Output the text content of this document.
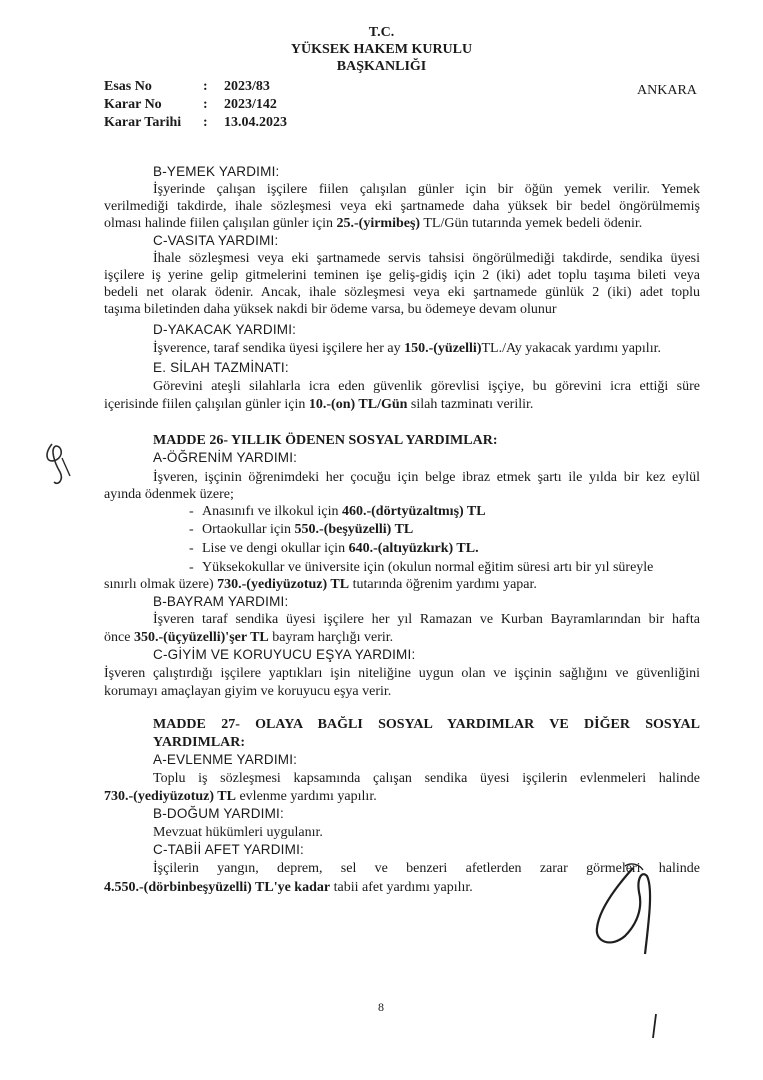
T.C.
YÜKSEK HAKEM KURULU
BAŞKANLIĞI
ANKARA
Esas No	: 2023/83
Karar No	: 2023/142
Karar Tarihi : 13.04.2023
B-YEMEK YARDIMI:
İşyerinde çalışan işçilere fiilen çalışılan günler için bir öğün yemek verilir. Yemek
verilmediği takdirde, ihale sözleşmesi veya eki şartnamede daha yüksek bir bedel öngörülmemiş
olması halinde fiilen çalışılan günler için 25.-(yirmibeş) TL/Gün tutarında yemek bedeli ödenir.
C-VASITA YARDIMI:
İhale sözleşmesi veya eki şartnamede servis tahsisi öngörülmediği takdirde, sendika üyesi
işçilere iş yerine gelip gitmelerini teminen işe geliş-gidiş için 2 (iki) adet toplu taşıma bileti veya
bedeli net olarak ödenir. Ancak, ihale sözleşmesi veya eki şartnamede günlük 2 (iki) adet toplu
taşıma biletinden daha yüksek nakdi bir ödeme varsa, bu ödemeye devam olunur
D-YAKACAK YARDIMI:
İşverence, taraf sendika üyesi işçilere her ay 150.-(yüzelli)TL./Ay yakacak yardımı yapılır.
E. SİLAH TAZMİNATI:
Görevini ateşli silahlarla icra eden güvenlik görevlisi işçiye, bu görevini icra ettiği süre
içerisinde fiilen çalışılan günler için 10.-(on) TL/Gün silah tazminatı verilir.
MADDE 26- YILLIK ÖDENEN SOSYAL YARDIMLAR:
A-ÖĞRENİM YARDIMI:
İşveren, işçinin öğrenimdeki her çocuğu için belge ibraz etmek şartı ile yılda bir kez eylül
ayında ödenmek üzere;
- Anasınıfı ve ilkokul için 460.-(dörtyüzaltmış) TL
- Ortaokullar için 550.-(beşyüzelli) TL
- Lise ve dengi okullar için 640.-(altıyüzkırk) TL.
- Yüksekokullar ve üniversite için (okulun normal eğitim süresi artı bir yıl süreyle
sınırlı olmak üzere) 730.-(yediyüzotuz) TL tutarında öğrenim yardımı yapar.
B-BAYRAM YARDIMI:
İşveren taraf sendika üyesi işçilere her yıl Ramazan ve Kurban Bayramlarından bir hafta
önce 350.-(üçyüzelli)'şer TL bayram harçlığı verir.
C-GİYİM VE KORUYUCU EŞYA YARDIMI:
İşveren çalıştırdığı işçilere yaptıkları işin niteliğine uygun olan ve işçinin sağlığını ve güvenliğini
korumayı amaçlayan giyim ve koruyucu eşya verir.
MADDE 27- OLAYA BAĞLI SOSYAL YARDIMLAR VE DİĞER SOSYAL
YARDIMLAR:
A-EVLENME YARDIMI:
Toplu iş sözleşmesi kapsamında çalışan sendika üyesi işçilerin evlenmeleri halinde
730.-(yediyüzotuz) TL evlenme yardımı yapılır.
B-DOĞUM YARDIMI:
Mevzuat hükümleri uygulanır.
C-TABİİ AFET YARDIMI:
İşçilerin yangın, deprem, sel ve benzeri afetlerden zarar görmeleri halinde
4.550.-(dörbinbeşyüzelli) TL'ye kadar tabii afet yardımı yapılır.
8
